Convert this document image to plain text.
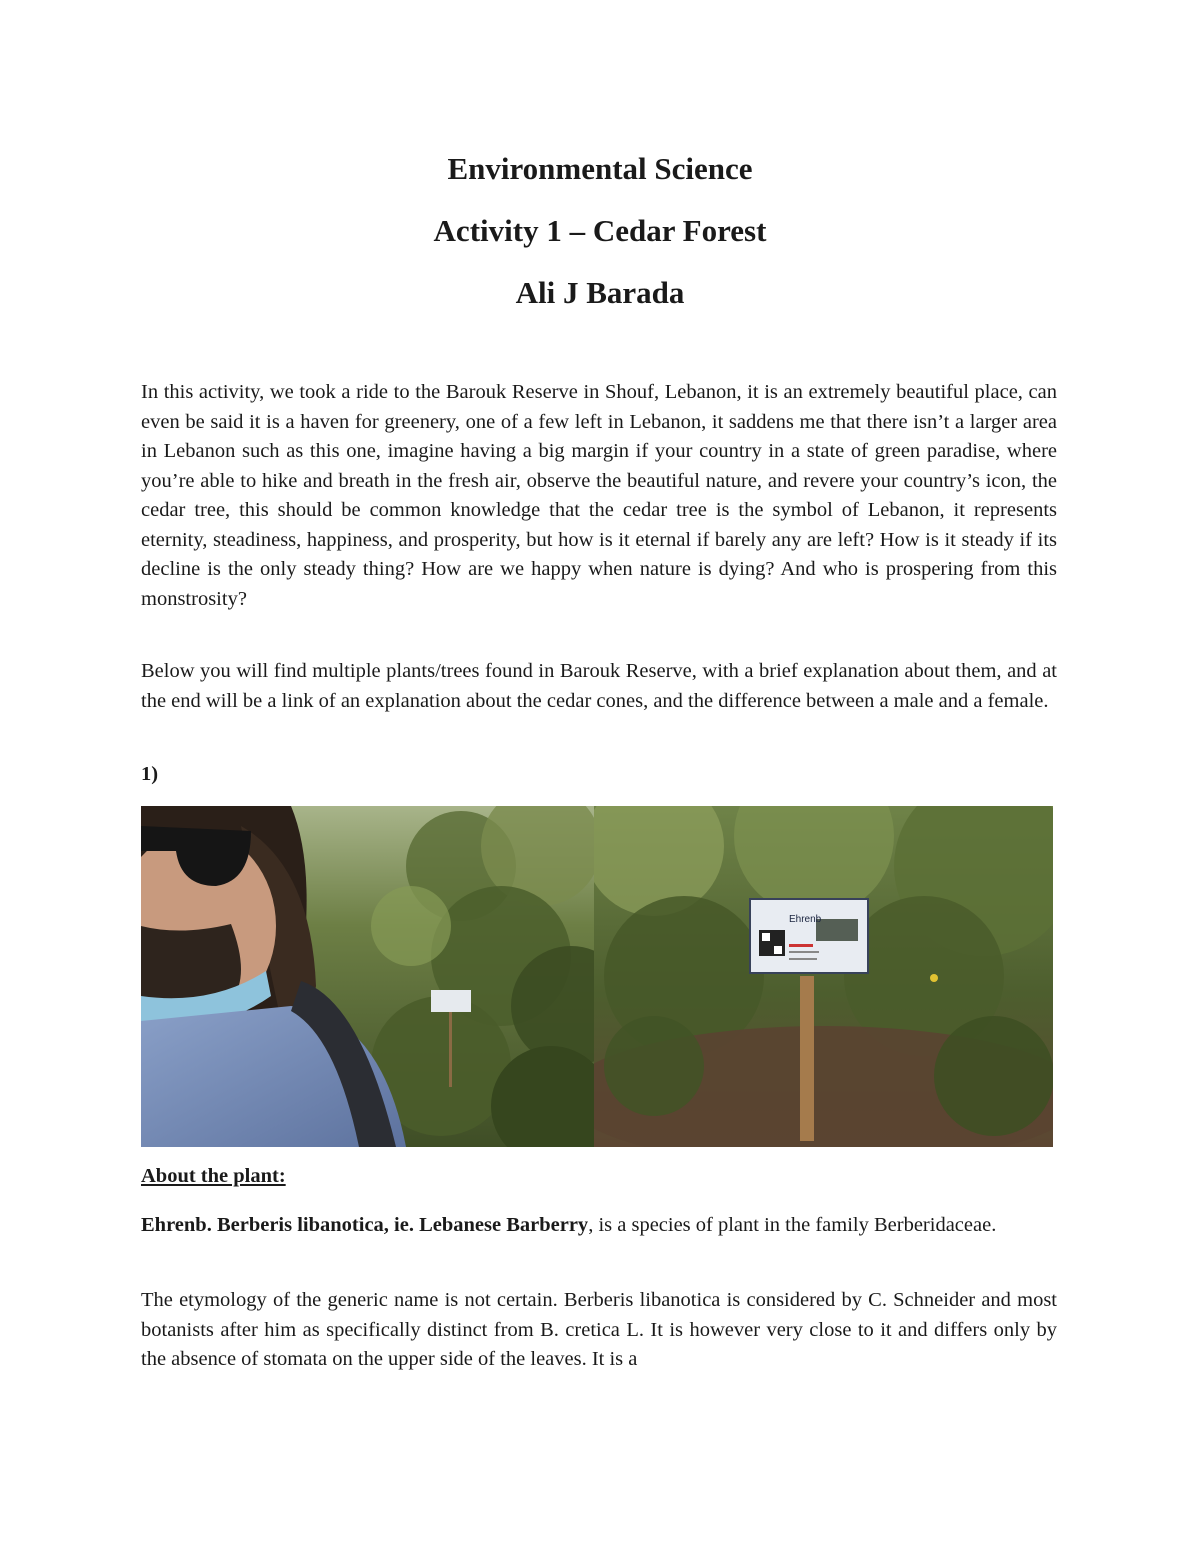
Environmental Science

Activity 1 – Cedar Forest

Ali J Barada

In this activity, we took a ride to the Barouk Reserve in Shouf, Lebanon, it is an extremely beautiful place, can even be said it is a haven for greenery, one of a few left in Lebanon, it saddens me that there isn’t a larger area in Lebanon such as this one, imagine having a big margin if your country in a state of green paradise, where you’re able to hike and breath in the fresh air, observe the beautiful nature, and revere your country’s icon, the cedar tree, this should be common knowledge that the cedar tree is the symbol of Lebanon, it represents eternity, steadiness, happiness, and prosperity, but how is it eternal if barely any are left? How is it steady if its decline is the only steady thing? How are we happy when nature is dying? And who is prospering from this monstrosity?
Below you will find multiple plants/trees found in Barouk Reserve, with a brief explanation about them, and at the end will be a link of an explanation about the cedar cones, and the difference between a male and a female.
1)
Ehrenb
About the plant:
Ehrenb. Berberis libanotica, ie. Lebanese Barberry, is a species of plant in the family Berberidaceae.
The etymology of the generic name is not certain. Berberis libanotica is considered by C. Schneider and most botanists after him as specifically distinct from B. cretica L. It is however very close to it and differs only by the absence of stomata on the upper side of the leaves. It is a
